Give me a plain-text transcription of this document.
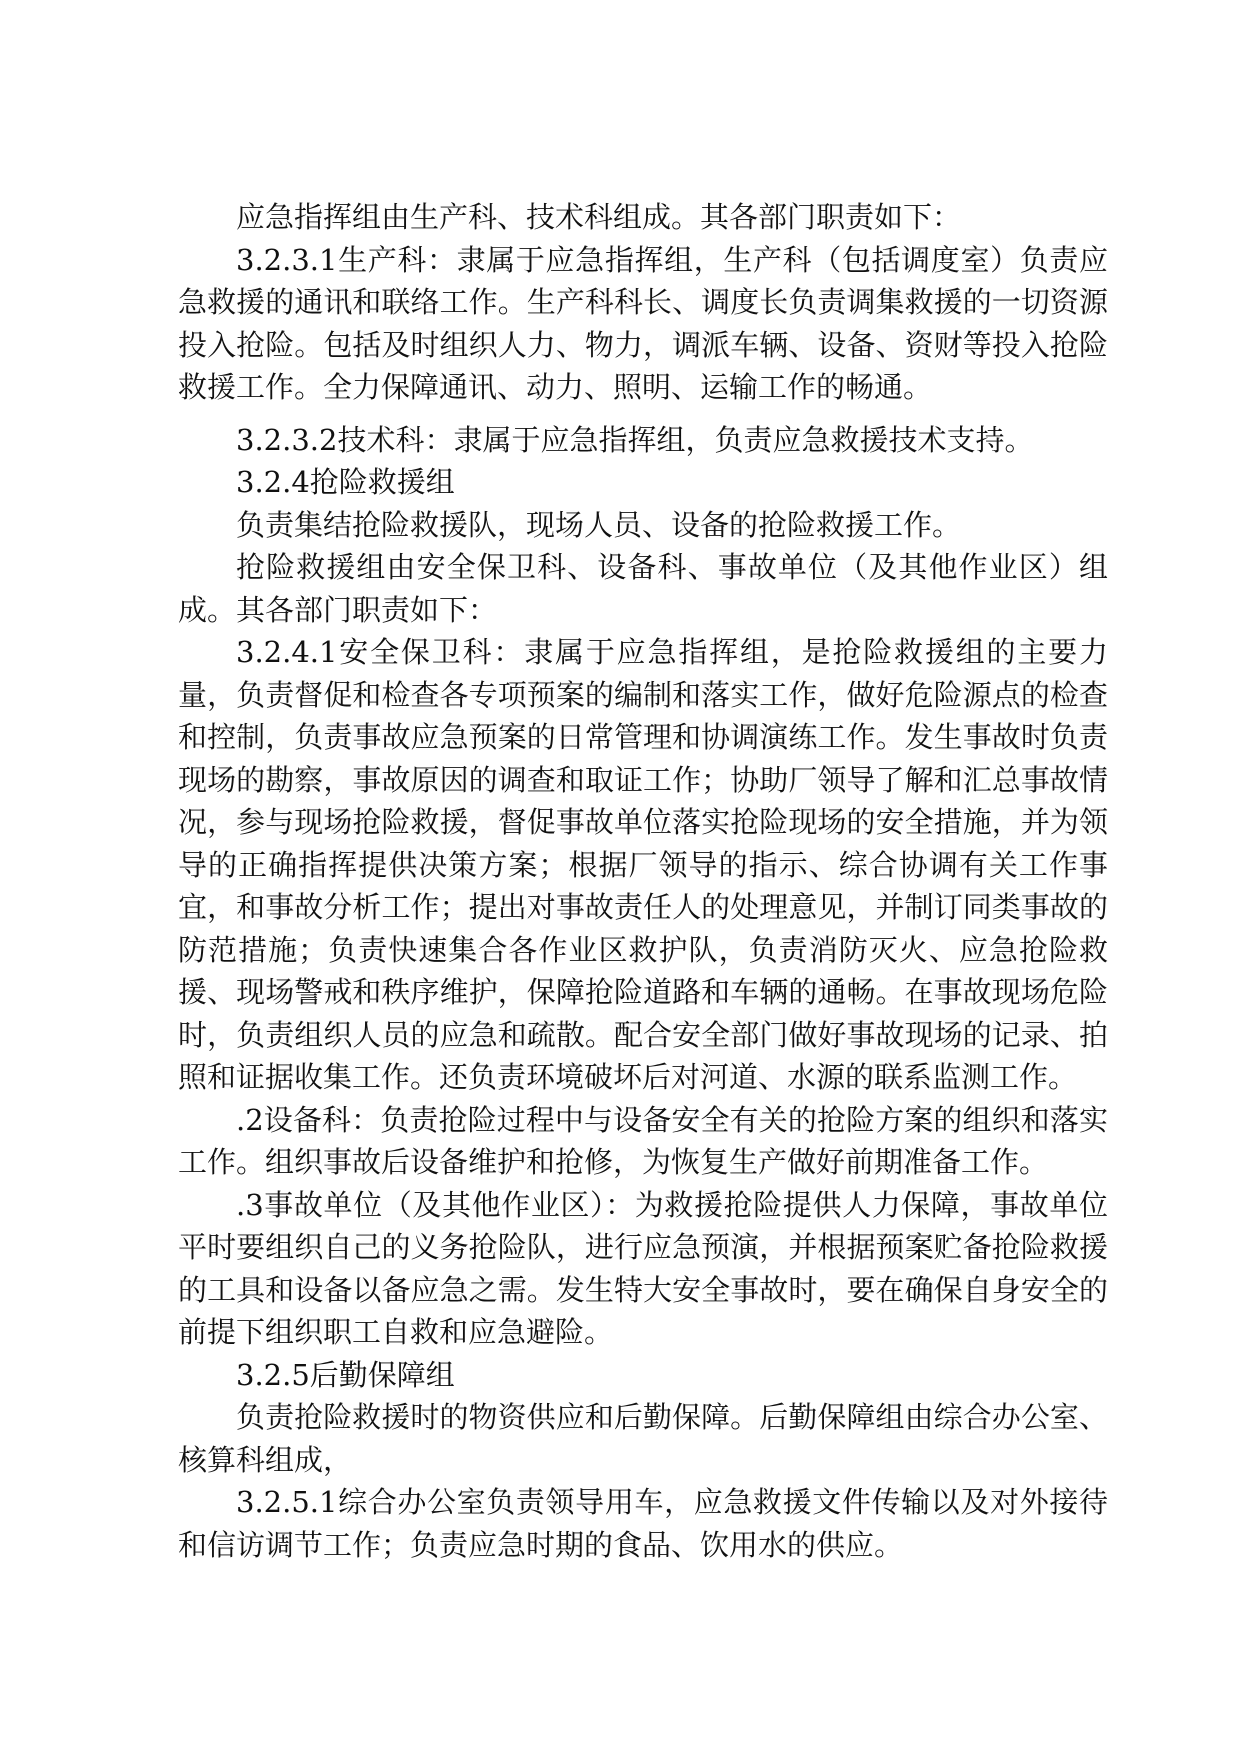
应急指挥组由生产科、技术科组成。其各部门职责如下：

3.2.3.1生产科：隶属于应急指挥组，生产科（包括调度室）负责应急救援的通讯和联络工作。生产科科长、调度长负责调集救援的一切资源投入抢险。包括及时组织人力、物力，调派车辆、设备、资财等投入抢险救援工作。全力保障通讯、动力、照明、运输工作的畅通。

3.2.3.2技术科：隶属于应急指挥组，负责应急救援技术支持。

3.2.4抢险救援组

负责集结抢险救援队，现场人员、设备的抢险救援工作。

抢险救援组由安全保卫科、设备科、事故单位（及其他作业区）组成。其各部门职责如下：

3.2.4.1安全保卫科：隶属于应急指挥组，是抢险救援组的主要力量，负责督促和检查各专项预案的编制和落实工作，做好危险源点的检查和控制，负责事故应急预案的日常管理和协调演练工作。发生事故时负责现场的勘察，事故原因的调查和取证工作；协助厂领导了解和汇总事故情况，参与现场抢险救援，督促事故单位落实抢险现场的安全措施，并为领导的正确指挥提供决策方案；根据厂领导的指示、综合协调有关工作事宜，和事故分析工作；提出对事故责任人的处理意见，并制订同类事故的防范措施；负责快速集合各作业区救护队，负责消防灭火、应急抢险救援、现场警戒和秩序维护，保障抢险道路和车辆的通畅。在事故现场危险时，负责组织人员的应急和疏散。配合安全部门做好事故现场的记录、拍照和证据收集工作。还负责环境破坏后对河道、水源的联系监测工作。

.2设备科：负责抢险过程中与设备安全有关的抢险方案的组织和落实工作。组织事故后设备维护和抢修，为恢复生产做好前期准备工作。

.3事故单位（及其他作业区）：为救援抢险提供人力保障，事故单位平时要组织自己的义务抢险队，进行应急预演，并根据预案贮备抢险救援的工具和设备以备应急之需。发生特大安全事故时，要在确保自身安全的前提下组织职工自救和应急避险。

3.2.5后勤保障组

负责抢险救援时的物资供应和后勤保障。后勤保障组由综合办公室、核算科组成，

3.2.5.1综合办公室负责领导用车，应急救援文件传输以及对外接待和信访调节工作；负责应急时期的食品、饮用水的供应。
